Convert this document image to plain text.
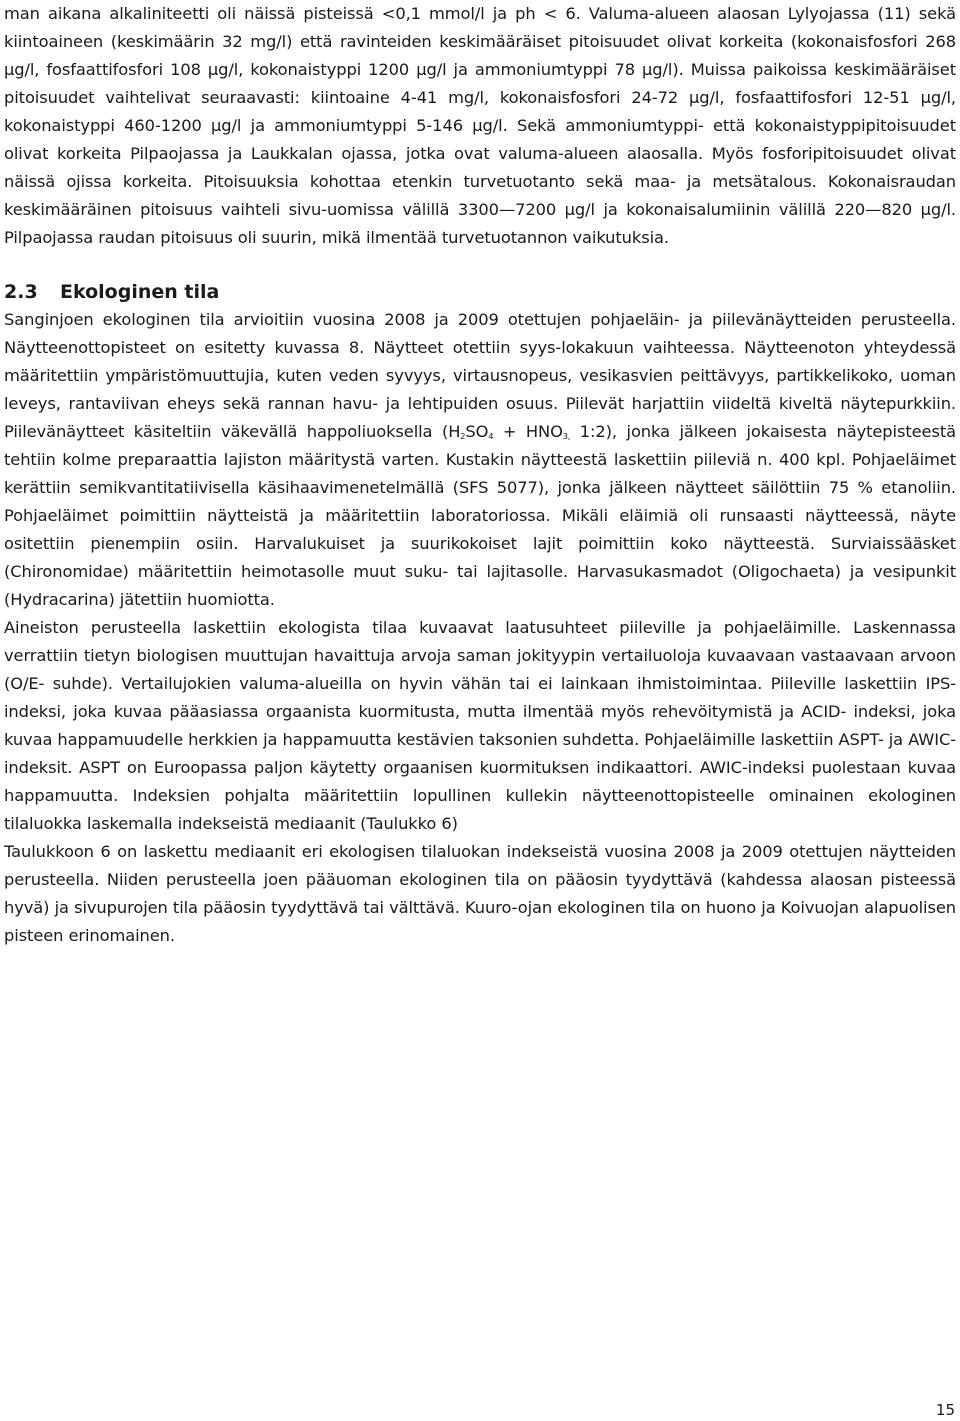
man aikana alkaliniteetti oli näissä pisteissä <0,1 mmol/l ja ph < 6. Valuma-alueen alaosan Lylyojassa (11) sekä kiintoaineen (keskimäärin 32 mg/l) että ravinteiden keskimääräiset pitoisuudet olivat korkeita (kokonaisfosfori 268 µg/l, fosfaattifosfori 108 µg/l, kokonaistyppi 1200 µg/l ja ammoniumtyppi 78 µg/l). Muissa paikoissa keskimääräiset pitoisuudet vaihtelivat seuraavasti: kiintoaine 4-41 mg/l, kokonaisfosfori 24-72 µg/l, fosfaattifosfori 12-51 µg/l, kokonaistyppi 460-1200 µg/l ja ammoniumtyppi 5-146 µg/l. Sekä ammoniumtyppi- että kokonaistyppipitoisuudet olivat korkeita Pilpaojassa ja Laukkalan ojassa, jotka ovat valuma-alueen alaosalla. Myös fosforipitoisuudet olivat näissä ojissa korkeita. Pitoisuuksia kohottaa etenkin turvetuotanto sekä maa- ja metsätalous. Kokonaisraudan keskimääräinen pitoisuus vaihteli sivu-uomissa välillä 3300—7200 µg/l ja kokonaisalumiinin välillä 220—820 µg/l. Pilpaojassa raudan pitoisuus oli suurin, mikä ilmentää turvetuotannon vaikutuksia.

2.3 Ekologinen tila

Sanginjoen ekologinen tila arvioitiin vuosina 2008 ja 2009 otettujen pohjaeläin- ja piilevänäytteiden perusteella. Näytteenottopisteet on esitetty kuvassa 8. Näytteet otettiin syys-lokakuun vaihteessa. Näytteenoton yhteydessä määritettiin ympäristömuuttujia, kuten veden syvyys, virtausnopeus, vesikasvien peittävyys, partikkelikoko, uoman leveys, rantaviivan eheys sekä rannan havu- ja lehtipuiden osuus. Piilevät harjattiin viideltä kiveltä näytepurkkiin. Piilevänäytteet käsiteltiin väkevällä happoliuoksella ($H_2SO_4 + HNO_{3,}$ 1:2), jonka jälkeen jokaisesta näytepisteestä tehtiin kolme preparaattia lajiston määritystä varten. Kustakin näytteestä laskettiin piileviä n. 400 kpl. Pohjaeläimet kerättiin semikvantitatiivisella käsihaavimenetelmällä (SFS 5077), jonka jälkeen näytteet säilöttiin 75 % etanoliin. Pohjaeläimet poimittiin näytteistä ja määritettiin laboratoriossa. Mikäli eläimiä oli runsaasti näytteessä, näyte ositettiin pienempiin osiin. Harvalukuiset ja suurikokoiset lajit poimittiin koko näytteestä. Surviaissääsket (Chironomidae) määritettiin heimotasolle muut suku- tai lajitasolle. Harvasukasmadot (Oligochaeta) ja vesipunkit (Hydracarina) jätettiin huomiotta.

Aineiston perusteella laskettiin ekologista tilaa kuvaavat laatusuhteet piileville ja pohjaeläimille. Laskennassa verrattiin tietyn biologisen muuttujan havaittuja arvoja saman jokityypin vertailuoloja kuvaavaan vastaavaan arvoon (O/E- suhde). Vertailujokien valuma-alueilla on hyvin vähän tai ei lainkaan ihmistoimintaa. Piileville laskettiin IPS-indeksi, joka kuvaa pääasiassa orgaanista kuormitusta, mutta ilmentää myös rehevöitymistä ja ACID- indeksi, joka kuvaa happamuudelle herkkien ja happamuutta kestävien taksonien suhdetta. Pohjaeläimille laskettiin ASPT- ja AWIC- indeksit. ASPT on Euroopassa paljon käytetty orgaanisen kuormituksen indikaattori. AWIC-indeksi puolestaan kuvaa happamuutta. Indeksien pohjalta määritettiin lopullinen kullekin näytteenottopisteelle ominainen ekologinen tilaluokka laskemalla indekseistä mediaanit (Taulukko 6)

Taulukkoon 6 on laskettu mediaanit eri ekologisen tilaluokan indekseistä vuosina 2008 ja 2009 otettujen näytteiden perusteella. Niiden perusteella joen pääuoman ekologinen tila on pääosin tyydyttävä (kahdessa alaosan pisteessä hyvä) ja sivupurojen tila pääosin tyydyttävä tai välttävä. Kuuro-ojan ekologinen tila on huono ja Koivuojan alapuolisen pisteen erinomainen.

15
